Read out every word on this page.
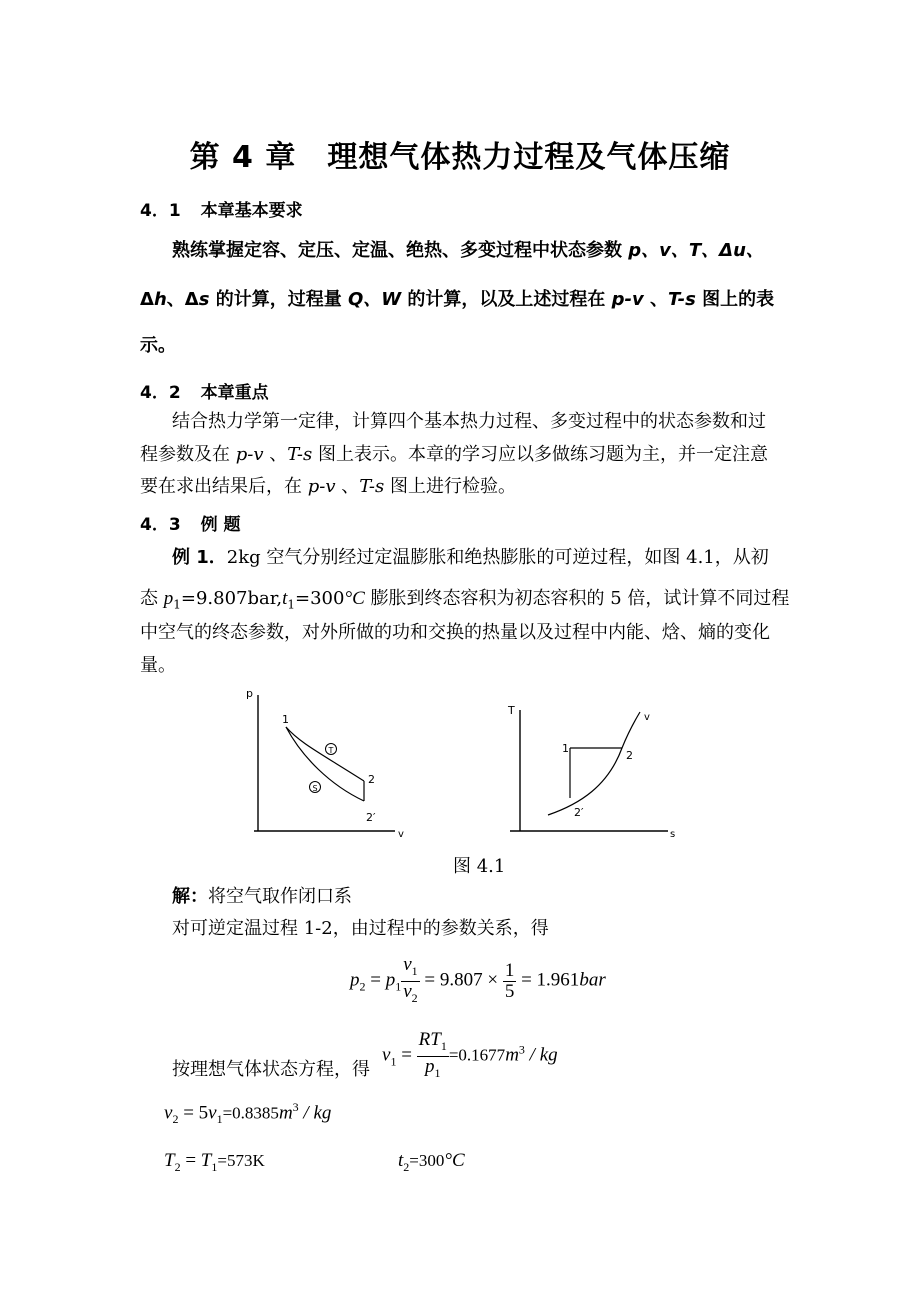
第 4 章　理想气体热力过程及气体压缩
4．1 本章基本要求
熟练掌握定容、定压、定温、绝热、多变过程中状态参数 p、v、T、Δu、
Δh、Δs 的计算，过程量 Q、W 的计算，以及上述过程在 p-v 、T-s 图上的表
示。
4．2 本章重点
结合热力学第一定律，计算四个基本热力过程、多变过程中的状态参数和过
程参数及在 p-v 、T-s 图上表示。本章的学习应以多做练习题为主，并一定注意
要在求出结果后，在 p-v 、T-s 图上进行检验。
4．3 例 题
例 1．2kg 空气分别经过定温膨胀和绝热膨胀的可逆过程，如图 4.1，从初
态 $p_1=9.807bar,t_1=300^\circ C$ 膨胀到终态容积为初态容积的 5 倍，试计算不同过程
中空气的终态参数，对外所做的功和交换的热量以及过程中内能、焓、熵的变化
量。
p
v
1
2
2′
T
S
T
s
1
2
2′
v
图 4.1
解：将空气取作闭口系
对可逆定温过程 1-2，由过程中的参数关系，得
$p_2 = p_1 \frac{v_1}{v_2} = 9.807 \times \frac{1}{5} = 1.961bar$
按理想气体状态方程，得
$v_1 = \frac{RT_1}{p_1} =0.1677m^3$ / kg
$v_2 = 5v_1=0.8385m^3$ / kg
$T_2 = T_1=573K$	$t_2=300^\circ C$
